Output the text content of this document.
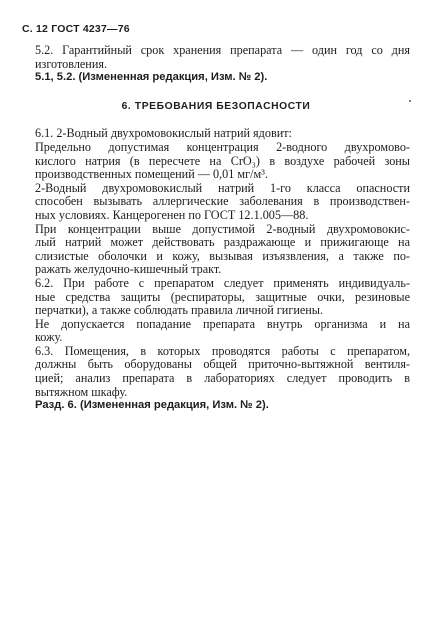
С. 12 ГОСТ 4237—76

5.2. Гарантийный срок хранения препарата — один год со дня
изготовления.

5.1, 5.2. (Измененная редакция, Изм. № 2).

6. ТРЕБОВАНИЯ БЕЗОПАСНОСТИ

6.1. 2-Водный двухромовокислый натрий ядовит:

Предельно допустимая концентрация 2-водного двухромово-
кислого натрия (в пересчете на CrO₃) в воздухе рабочей зоны
производственных помещений — 0,01 мг/м³.

2-Водный двухромовокислый натрий 1-го класса опасности
способен вызывать аллергические заболевания в производствен-
ных условиях. Канцерогенен по ГОСТ 12.1.005—88.

При концентрации выше допустимой 2-водный двухромовокис-
лый натрий может действовать раздражающе и прижигающе на
слизистые оболочки и кожу, вызывая изъязвления, а также по-
ражать желудочно-кишечный тракт.

6.2. При работе с препаратом следует применять индивидуаль-
ные средства защиты (респираторы, защитные очки, резиновые
перчатки), а также соблюдать правила личной гигиены.

Не допускается попадание препарата внутрь организма и на
кожу.

6.3. Помещения, в которых проводятся работы с препаратом,
должны быть оборудованы общей приточно-вытяжной вентиля-
цией; анализ препарата в лабораториях следует проводить в
вытяжном шкафу.

Разд. 6. (Измененная редакция, Изм. № 2).
